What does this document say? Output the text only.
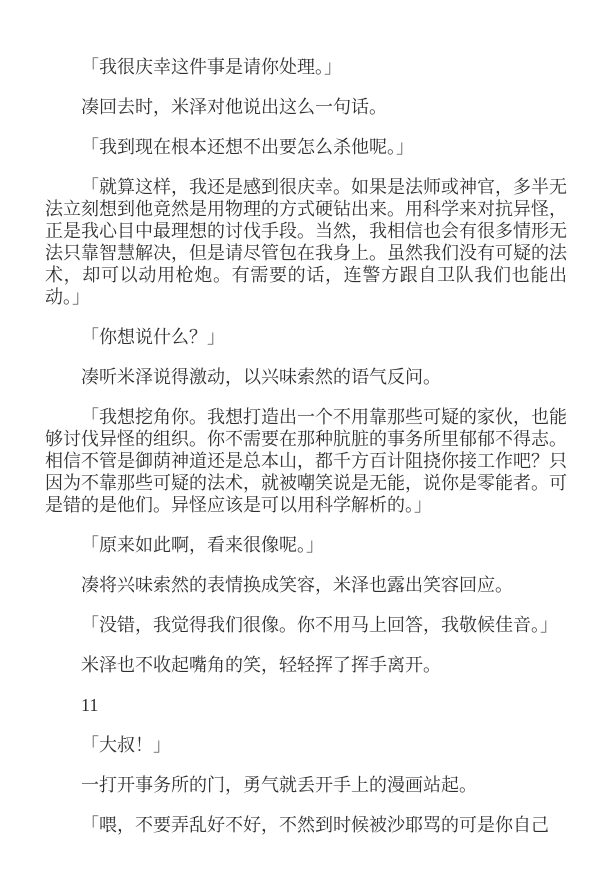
「我很庆幸这件事是请你处理。」

凑回去时，米泽对他说出这么一句话。

「我到现在根本还想不出要怎么杀他呢。」

「就算这样，我还是感到很庆幸。如果是法师或神官，多半无法立刻想到他竟然是用物理的方式硬钻出来。用科学来对抗异怪，正是我心目中最理想的讨伐手段。当然，我相信也会有很多情形无法只靠智慧解决，但是请尽管包在我身上。虽然我们没有可疑的法术，却可以动用枪炮。有需要的话，连警方跟自卫队我们也能出动。」

「你想说什么？」

凑听米泽说得激动，以兴味索然的语气反问。

「我想挖角你。我想打造出一个不用靠那些可疑的家伙，也能够讨伐异怪的组织。你不需要在那种肮脏的事务所里郁郁不得志。相信不管是御荫神道还是总本山，都千方百计阻挠你接工作吧？只因为不靠那些可疑的法术，就被嘲笑说是无能，说你是零能者。可是错的是他们。异怪应该是可以用科学解析的。」

「原来如此啊，看来很像呢。」

凑将兴味索然的表情换成笑容，米泽也露出笑容回应。

「没错，我觉得我们很像。你不用马上回答，我敬候佳音。」

米泽也不收起嘴角的笑，轻轻挥了挥手离开。

11

「大叔！」

一打开事务所的门，勇气就丢开手上的漫画站起。

「喂，不要弄乱好不好，不然到时候被沙耶骂的可是你自己
